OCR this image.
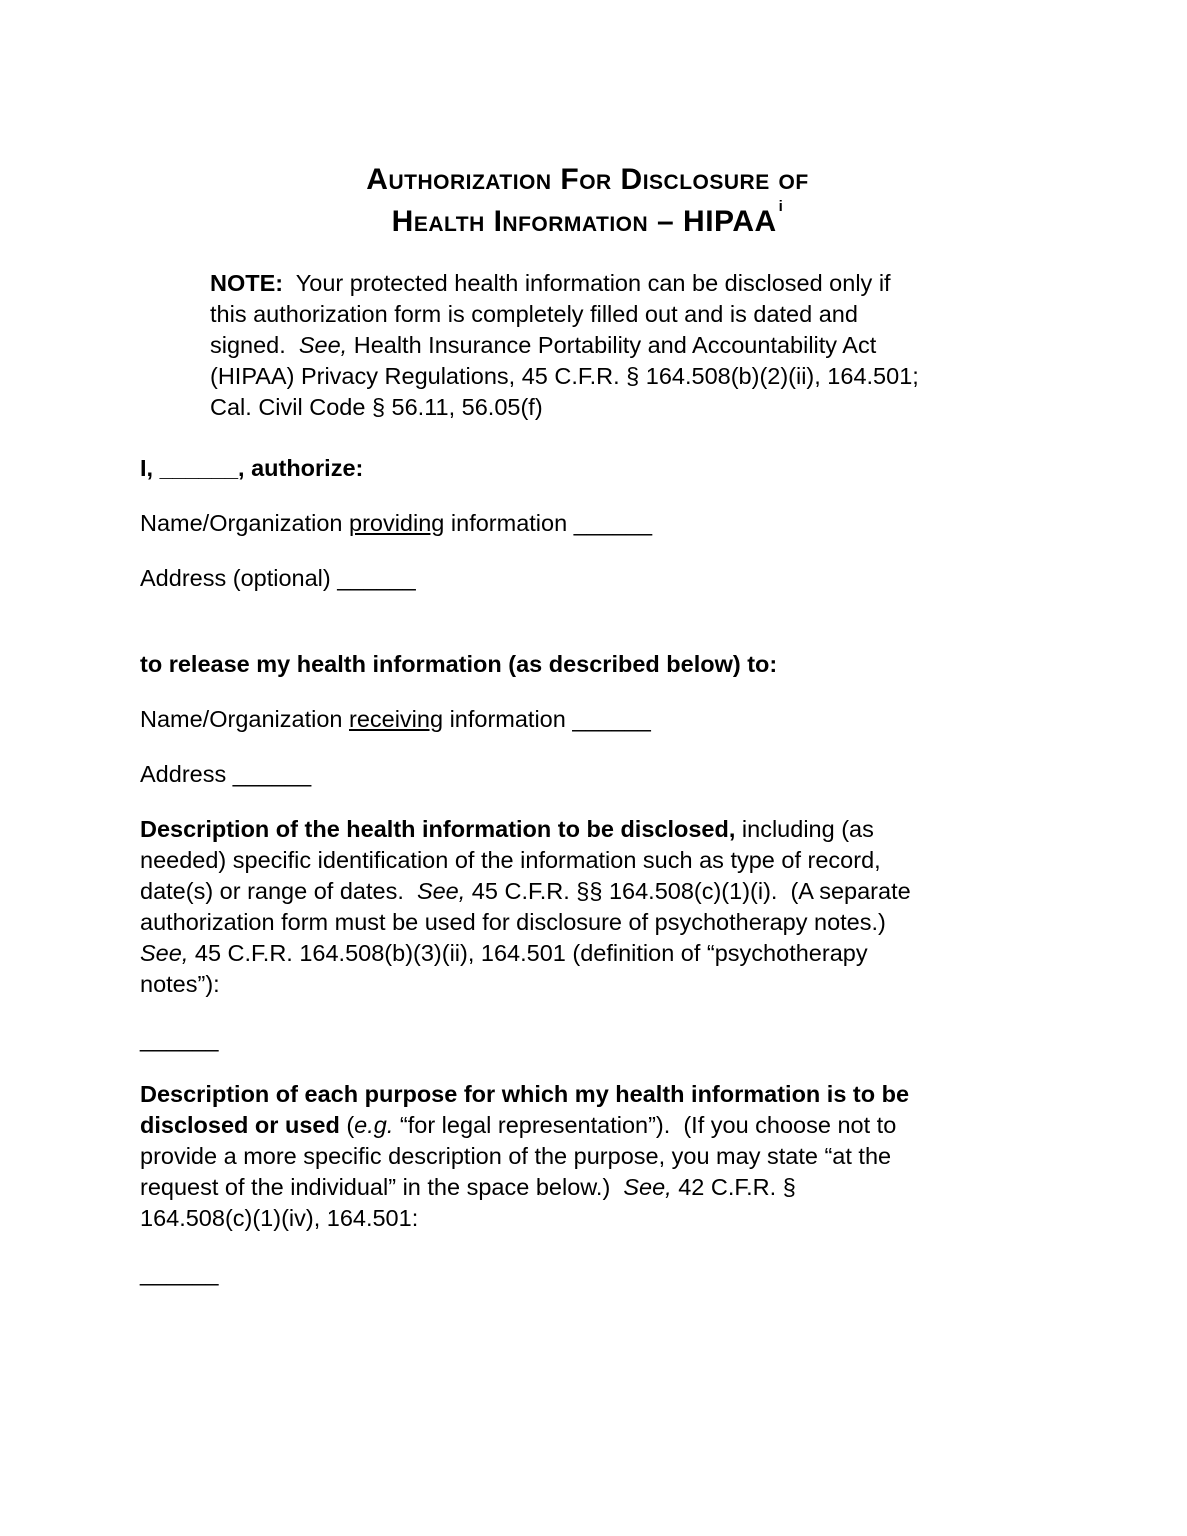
Authorization For Disclosure of
Health Information – HIPAA $^i$

NOTE:  Your protected health information can be disclosed only if
this authorization form is completely filled out and is dated and
signed.  See, Health Insurance Portability and Accountability Act
(HIPAA) Privacy Regulations, 45 C.F.R. § 164.508(b)(2)(ii), 164.501;
Cal. Civil Code § 56.11, 56.05(f)

I, ______, authorize:

Name/Organization providing information ______

Address (optional) ______

to release my health information (as described below) to:

Name/Organization receiving information ______

Address ______

Description of the health information to be disclosed, including (as
needed) specific identification of the information such as type of record,
date(s) or range of dates.  See, 45 C.F.R. §§ 164.508(c)(1)(i).  (A separate
authorization form must be used for disclosure of psychotherapy notes.)
See, 45 C.F.R. 164.508(b)(3)(ii), 164.501 (definition of “psychotherapy
notes”):

______

Description of each purpose for which my health information is to be
disclosed or used (e.g. “for legal representation”).  (If you choose not to
provide a more specific description of the purpose, you may state “at the
request of the individual” in the space below.)  See, 42 C.F.R. §
164.508(c)(1)(iv), 164.501:

______
